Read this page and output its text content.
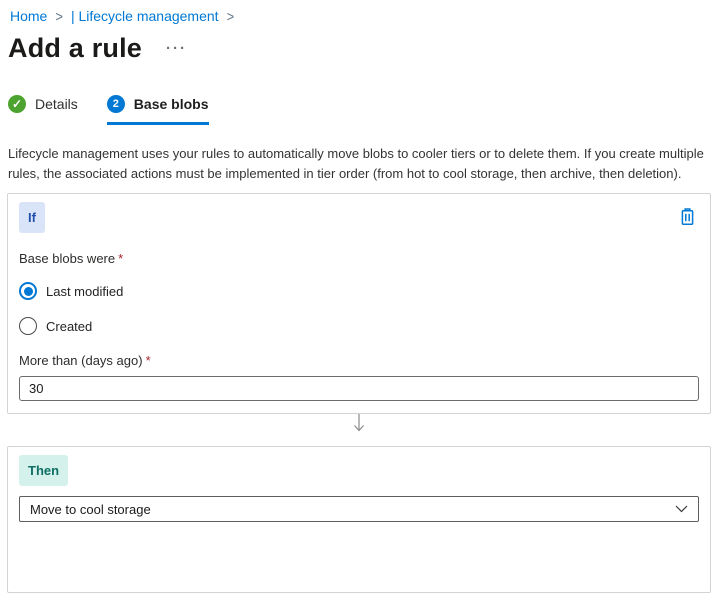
Home > | Lifecycle management >
Add a rule ···
✓ Details	2	Base blobs

Lifecycle management uses your rules to automatically move blobs to cooler tiers or to delete them. If you create multiple rules, the associated actions must be implemented in tier order (from hot to cool storage, then archive, then deletion).

If
Base blobs were *
Last modified
Created
More than (days ago) *
30
Then
Move to cool storage
